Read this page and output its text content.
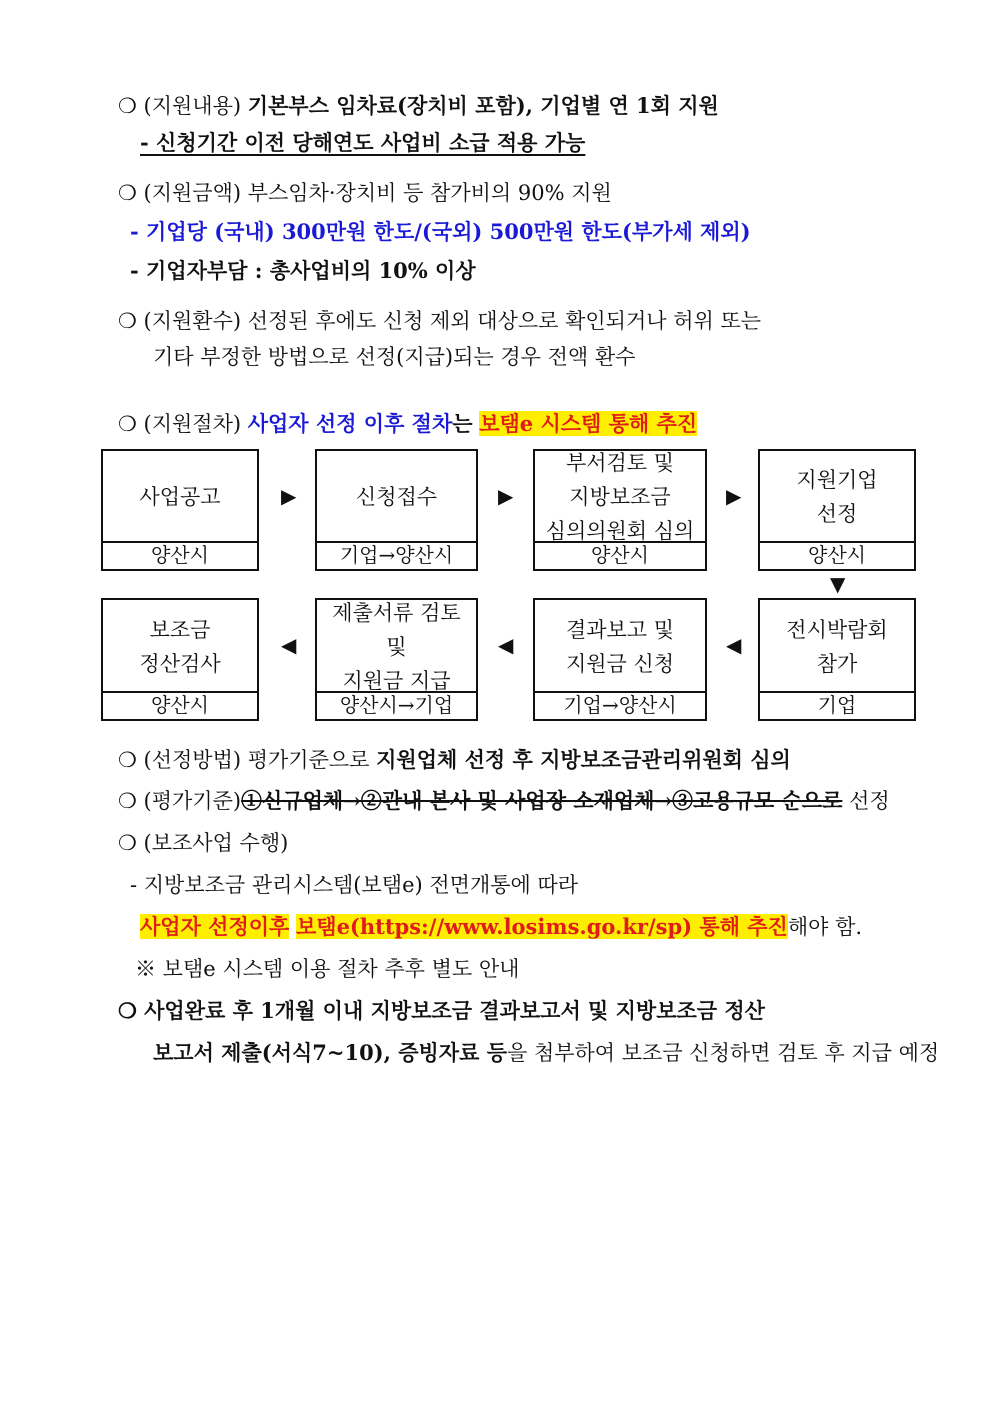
❍ (지원내용) 기본부스 임차료(장치비 포함), 기업별 연 1회 지원
- 신청기간 이전 당해연도 사업비 소급 적용 가능
❍ (지원금액) 부스임차·장치비 등 참가비의 90% 지원
- 기업당 (국내) 300만원 한도/(국외) 500만원 한도(부가세 제외)
- 기업자부담 : 총사업비의 10% 이상
❍ (지원환수) 선정된 후에도 신청 제외 대상으로 확인되거나 허위 또는
기타 부정한 방법으로 선정(지급)되는 경우 전액 환수
❍ (지원절차) 사업자 선정 이후 절차는 보탬e 시스템 통해 추진
사업공고
양산시
▶	신청접수
기업→양산시
▶
부서검토 및
지방보조금
심의의원회 심의
양산시
▶
지원기업
선정
양산시
▼
보조금
정산검사
양산시
◀
제출서류 검토
및
지원금 지급
양산시→기업
◀
결과보고 및
지원금 신청
기업→양산시
◀
전시박람회
참가
기업
❍ (선정방법) 평가기준으로 지원업체 선정 후 지방보조금관리위원회 심의
❍ (평가기준)①신규업체→②관내 본사 및 사업장 소재업체→③고용규모 순으로 선정
❍ (보조사업 수행)
- 지방보조금 관리시스템(보탬e) 전면개통에 따라
사업자 선정이후 보탬e(https://www.losims.go.kr/sp) 통해 추진해야 함.
※ 보탬e 시스템 이용 절차 추후 별도 안내
❍ 사업완료 후 1개월 이내 지방보조금 결과보고서 및 지방보조금 정산
보고서 제출(서식7~10), 증빙자료 등을 첨부하여 보조금 신청하면 검토 후 지급 예정
